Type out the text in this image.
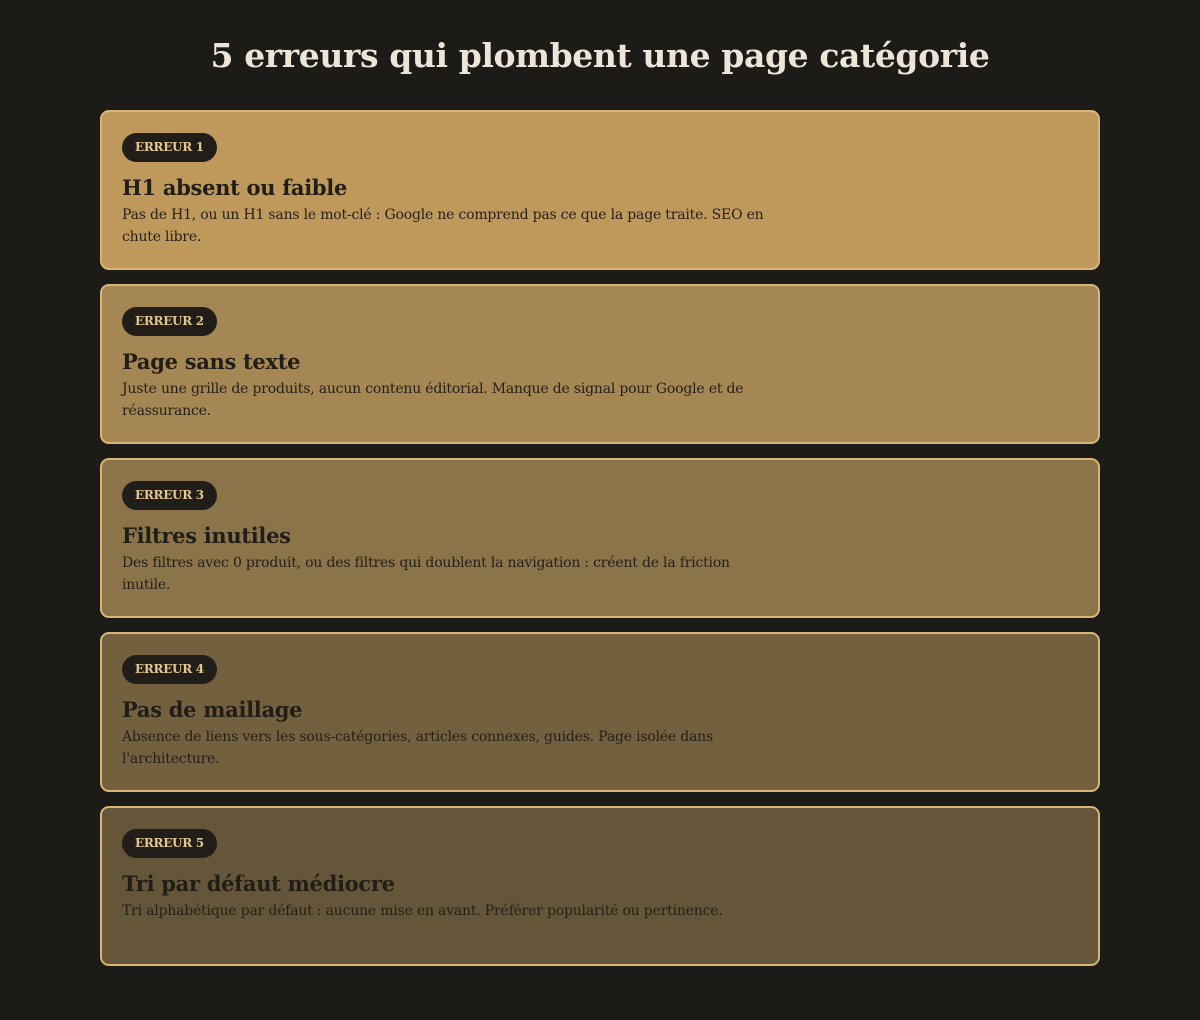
5 erreurs qui plombent une page catégorie
ERREUR 1
H1 absent ou faible
Pas de H1, ou un H1 sans le mot-clé : Google ne comprend pas ce que la page traite. SEO en chute libre.
ERREUR 2
Page sans texte
Juste une grille de produits, aucun contenu éditorial. Manque de signal pour Google et de réassurance.
ERREUR 3
Filtres inutiles
Des filtres avec 0 produit, ou des filtres qui doublent la navigation : créent de la friction inutile.
ERREUR 4
Pas de maillage
Absence de liens vers les sous-catégories, articles connexes, guides. Page isolée dans l'architecture.
ERREUR 5
Tri par défaut médiocre
Tri alphabétique par défaut : aucune mise en avant. Préférer popularité ou pertinence.
